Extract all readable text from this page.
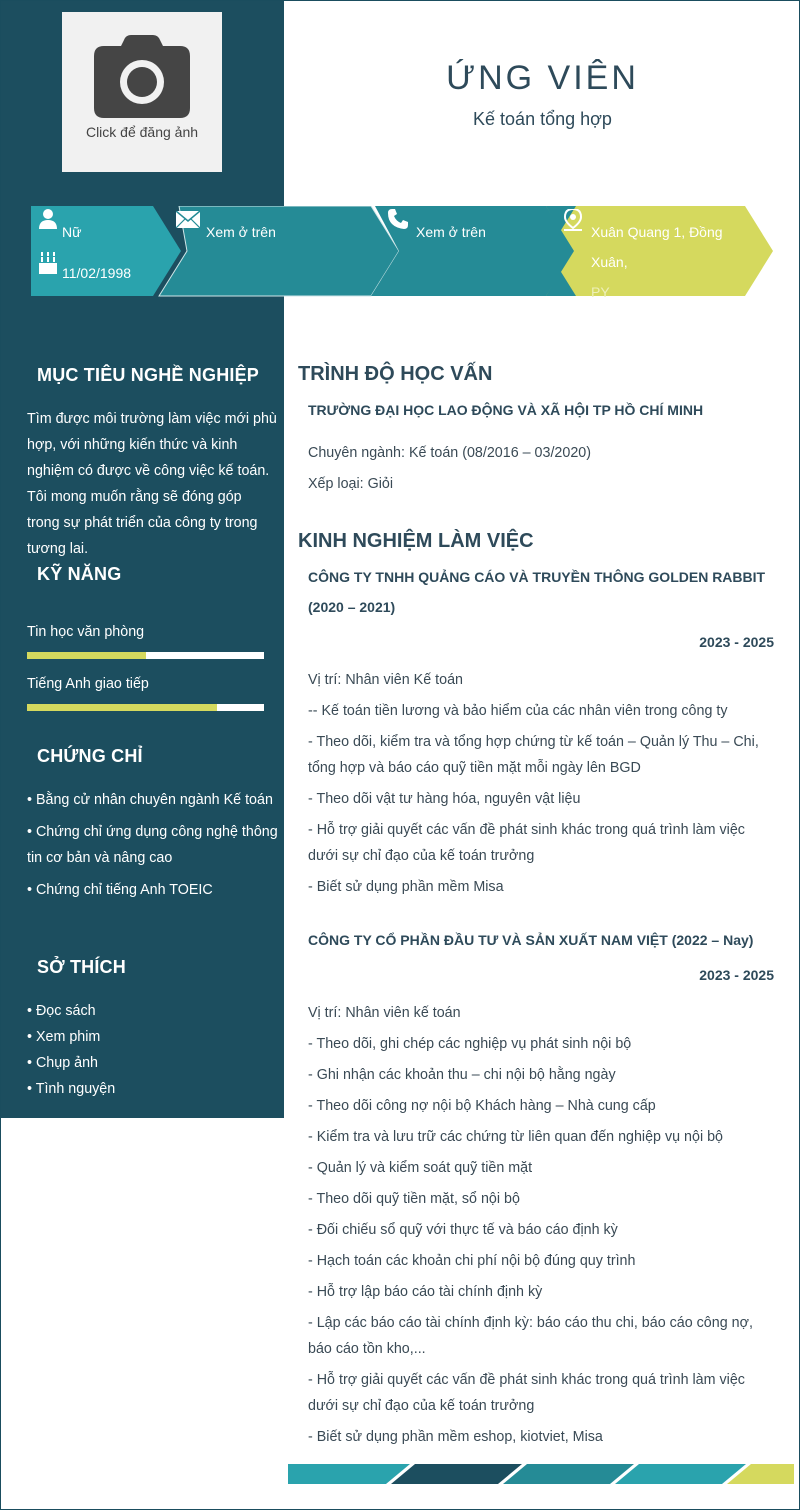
Click để đăng ảnh
ỨNG VIÊN
Kế toán tổng hợp
Nữ
11/02/1998
Xem ở trên	Xem ở trên	Xuân Quang 1, Đồng
Xuân,
PY
MỤC TIÊU NGHỀ NGHIỆP
Tìm được môi trường làm việc mới phù hợp, với những kiến thức và kinh nghiệm có được về công việc kế toán. Tôi mong muốn rằng sẽ đóng góp trong sự phát triển của công ty trong tương lai.
KỸ NĂNG
Tin học văn phòng
Tiếng Anh giao tiếp
CHỨNG CHỈ
• Bằng cử nhân chuyên ngành Kế toán
• Chứng chỉ ứng dụng công nghệ thông tin cơ bản và nâng cao
• Chứng chỉ tiếng Anh TOEIC
SỞ THÍCH
• Đọc sách
• Xem phim
• Chụp ảnh
• Tình nguyện
TRÌNH ĐỘ HỌC VẤN
TRƯỜNG ĐẠI HỌC LAO ĐỘNG VÀ XÃ HỘI TP HỒ CHÍ MINH
Chuyên ngành: Kế toán (08/2016 – 03/2020)
Xếp loại: Giỏi
KINH NGHIỆM LÀM VIỆC
CÔNG TY TNHH QUẢNG CÁO VÀ TRUYỀN THÔNG GOLDEN RABBIT (2020 – 2021)
2023 - 2025

Vị trí: Nhân viên Kế toán

-- Kế toán tiền lương và bảo hiểm của các nhân viên trong công ty

- Theo dõi, kiểm tra và tổng hợp chứng từ kế toán – Quản lý Thu – Chi, tổng hợp và báo cáo quỹ tiền mặt mỗi ngày lên BGD

- Theo dõi vật tư hàng hóa, nguyên vật liệu

- Hỗ trợ giải quyết các vấn đề phát sinh khác trong quá trình làm việc dưới sự chỉ đạo của kế toán trưởng

- Biết sử dụng phần mềm Misa

CÔNG TY CỔ PHẦN ĐẦU TƯ VÀ SẢN XUẤT NAM VIỆT (2022 – Nay)
2023 - 2025

Vị trí: Nhân viên kế toán

- Theo dõi, ghi chép các nghiệp vụ phát sinh nội bộ

- Ghi nhận các khoản thu – chi nội bộ hằng ngày

- Theo dõi công nợ nội bộ Khách hàng – Nhà cung cấp

- Kiểm tra và lưu trữ các chứng từ liên quan đến nghiệp vụ nội bộ

- Quản lý và kiểm soát quỹ tiền mặt

- Theo dõi quỹ tiền mặt, sổ nội bộ

- Đối chiếu sổ quỹ với thực tế và báo cáo định kỳ

- Hạch toán các khoản chi phí nội bộ đúng quy trình

- Hỗ trợ lập báo cáo tài chính định kỳ

- Lập các báo cáo tài chính định kỳ: báo cáo thu chi, báo cáo công nợ, báo cáo tồn kho,...

- Hỗ trợ giải quyết các vấn đề phát sinh khác trong quá trình làm việc dưới sự chỉ đạo của kế toán trưởng

- Biết sử dụng phần mềm eshop, kiotviet, Misa
